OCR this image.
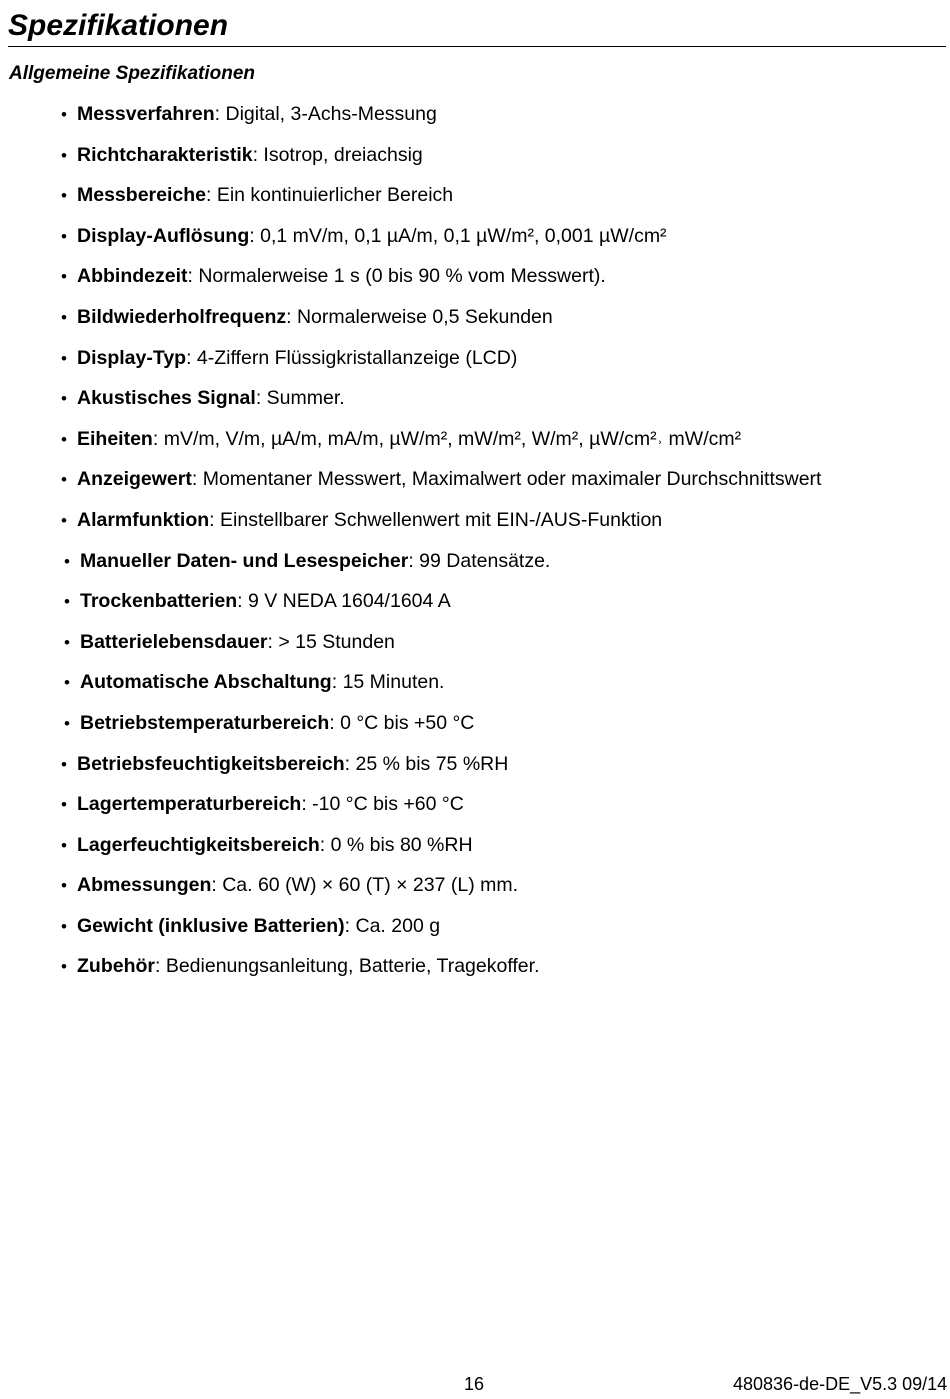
Spezifikationen
Allgemeine Spezifikationen
• Messverfahren: Digital, 3-Achs-Messung
• Richtcharakteristik: Isotrop, dreiachsig
• Messbereiche: Ein kontinuierlicher Bereich
• Display-Auflösung: 0,1 mV/m, 0,1 µA/m, 0,1 µW/m², 0,001 µW/cm²
• Abbindezeit: Normalerweise 1 s (0 bis 90 % vom Messwert).
• Bildwiederholfrequenz: Normalerweise 0,5 Sekunden
• Display-Typ: 4-Ziffern Flüssigkristallanzeige (LCD)
• Akustisches Signal: Summer.
• Eiheiten: mV/m, V/m, µA/m, mA/m, µW/m², mW/m², W/m², µW/cm²˒ mW/cm²
• Anzeigewert: Momentaner Messwert, Maximalwert oder maximaler Durchschnittswert
• Alarmfunktion: Einstellbarer Schwellenwert mit EIN-/AUS-Funktion
• Manueller Daten- und Lesespeicher: 99 Datensätze.
• Trockenbatterien: 9 V NEDA 1604/1604 A
• Batterielebensdauer: > 15 Stunden
• Automatische Abschaltung: 15 Minuten.
• Betriebstemperaturbereich: 0 °C bis +50 °C
• Betriebsfeuchtigkeitsbereich: 25 % bis 75 %RH
• Lagertemperaturbereich: -10 °C bis +60 °C
• Lagerfeuchtigkeitsbereich: 0 % bis 80 %RH
• Abmessungen: Ca. 60 (W) × 60 (T) × 237 (L) mm.
• Gewicht (inklusive Batterien): Ca. 200 g
• Zubehör: Bedienungsanleitung, Batterie, Tragekoffer.
16	480836-de-DE_V5.3 09/14
